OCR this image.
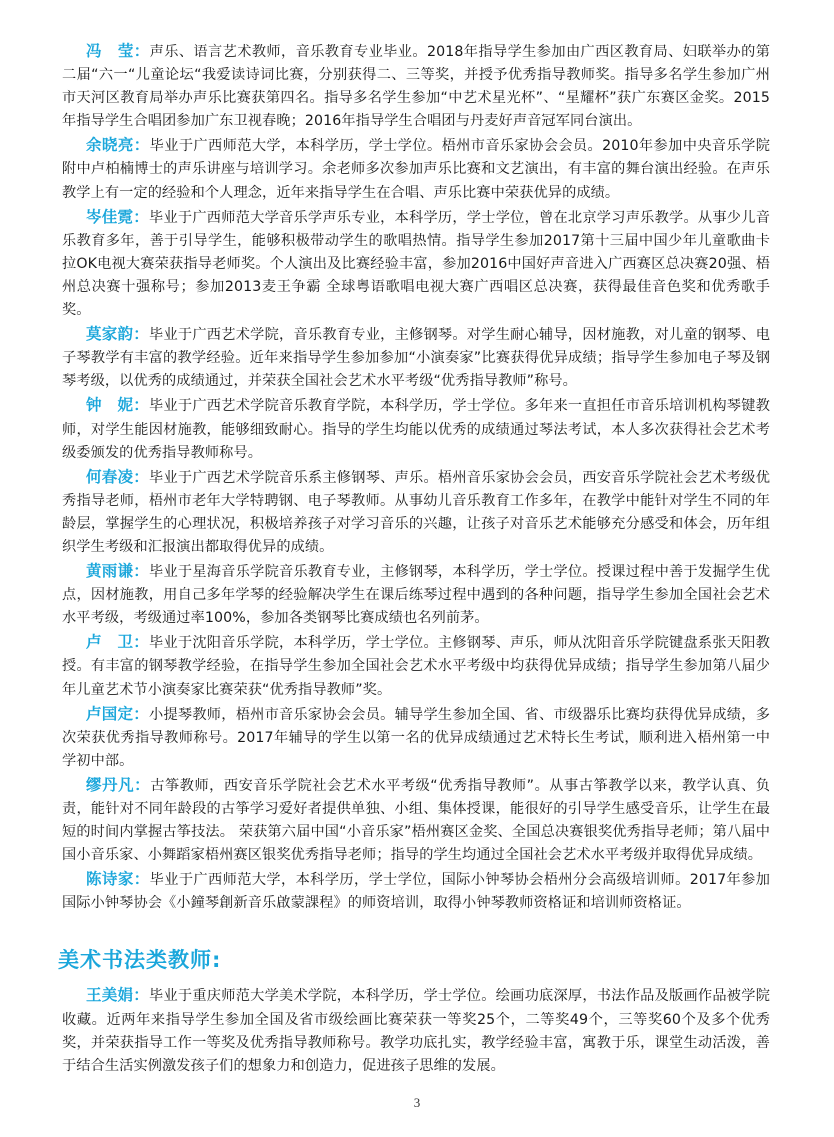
冯　莹：声乐、语言艺术教师，音乐教育专业毕业。2018年指导学生参加由广西区教育局、妇联举办的第二届“六一“儿童论坛“我爱读诗词比赛，分别获得二、三等奖，并授予优秀指导教师奖。指导多名学生参加广州市天河区教育局举办声乐比赛获第四名。指导多名学生参加“中艺术星光杯”、“星耀杯”获广东赛区金奖。2015年指导学生合唱团参加广东卫视春晚；2016年指导学生合唱团与丹麦好声音冠军同台演出。

余晓亮：毕业于广西师范大学，本科学历，学士学位。梧州市音乐家协会会员。2010年参加中央音乐学院附中卢柏楠博士的声乐讲座与培训学习。余老师多次参加声乐比赛和文艺演出，有丰富的舞台演出经验。在声乐教学上有一定的经验和个人理念，近年来指导学生在合唱、声乐比赛中荣获优异的成绩。

岑佳霓：毕业于广西师范大学音乐学声乐专业，本科学历，学士学位，曾在北京学习声乐教学。从事少儿音乐教育多年，善于引导学生，能够积极带动学生的歌唱热情。指导学生参加2017第十三届中国少年儿童歌曲卡拉OK电视大赛荣获指导老师奖。个人演出及比赛经验丰富，参加2016中国好声音进入广西赛区总决赛20强、梧州总决赛十强称号；参加2013麦王争霸 全球粤语歌唱电视大赛广西唱区总决赛，获得最佳音色奖和优秀歌手奖。

莫家韵：毕业于广西艺术学院，音乐教育专业，主修钢琴。对学生耐心辅导，因材施教，对儿童的钢琴、电子琴教学有丰富的教学经验。近年来指导学生参加参加“小演奏家”比赛获得优异成绩；指导学生参加电子琴及钢琴考级，以优秀的成绩通过，并荣获全国社会艺术水平考级“优秀指导教师”称号。

钟　妮：毕业于广西艺术学院音乐教育学院，本科学历，学士学位。多年来一直担任市音乐培训机构琴键教师，对学生能因材施教，能够细致耐心。指导的学生均能以优秀的成绩通过琴法考试，本人多次获得社会艺术考级委颁发的优秀指导教师称号。

何春凌：毕业于广西艺术学院音乐系主修钢琴、声乐。梧州音乐家协会会员，西安音乐学院社会艺术考级优秀指导老师，梧州市老年大学特聘钢、电子琴教师。从事幼儿音乐教育工作多年，在教学中能针对学生不同的年龄层，掌握学生的心理状况，积极培养孩子对学习音乐的兴趣，让孩子对音乐艺术能够充分感受和体会，历年组织学生考级和汇报演出都取得优异的成绩。

黄雨谦：毕业于星海音乐学院音乐教育专业，主修钢琴，本科学历，学士学位。授课过程中善于发掘学生优点，因材施教，用自己多年学琴的经验解决学生在课后练琴过程中遇到的各种问题，指导学生参加全国社会艺术水平考级，考级通过率100%，参加各类钢琴比赛成绩也名列前茅。

卢　卫：毕业于沈阳音乐学院，本科学历，学士学位。主修钢琴、声乐，师从沈阳音乐学院键盘系张天阳教授。有丰富的钢琴教学经验，在指导学生参加全国社会艺术水平考级中均获得优异成绩；指导学生参加第八届少年儿童艺术节小演奏家比赛荣获“优秀指导教师”奖。

卢国定：小提琴教师，梧州市音乐家协会会员。辅导学生参加全国、省、市级器乐比赛均获得优异成绩，多次荣获优秀指导教师称号。2017年辅导的学生以第一名的优异成绩通过艺术特长生考试，顺利进入梧州第一中学初中部。

缪丹凡：古筝教师，西安音乐学院社会艺术水平考级“优秀指导教师”。从事古筝教学以来，教学认真、负责，能针对不同年龄段的古筝学习爱好者提供单独、小组、集体授课，能很好的引导学生感受音乐，让学生在最短的时间内掌握古筝技法。 荣获第六届中国“小音乐家”梧州赛区金奖、全国总决赛银奖优秀指导老师；第八届中国小音乐家、小舞蹈家梧州赛区银奖优秀指导老师；指导的学生均通过全国社会艺术水平考级并取得优异成绩。

陈诗家：毕业于广西师范大学，本科学历，学士学位，国际小钟琴协会梧州分会高级培训师。2017年参加国际小钟琴协会《小鐘琴創新音乐啟蒙課程》的师资培训，取得小钟琴教师资格证和培训师资格证。

美术书法类教师:

王美娟：毕业于重庆师范大学美术学院，本科学历，学士学位。绘画功底深厚，书法作品及版画作品被学院收藏。近两年来指导学生参加全国及省市级绘画比赛荣获一等奖25个，二等奖49个，三等奖60个及多个优秀奖，并荣获指导工作一等奖及优秀指导教师称号。教学功底扎实，教学经验丰富，寓教于乐，课堂生动活泼，善于结合生活实例激发孩子们的想象力和创造力，促进孩子思维的发展。

3
